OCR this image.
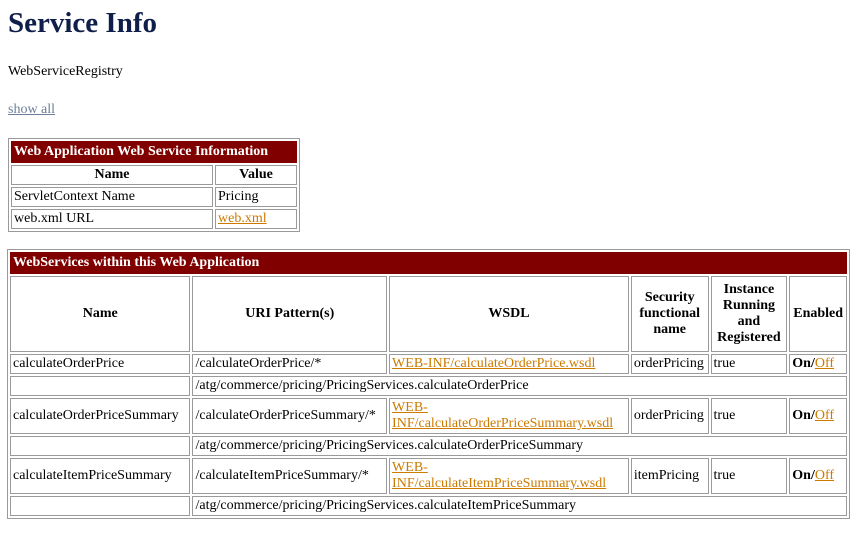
Service Info
WebServiceRegistry
show all
Web Application Web Service Information	
Name	Value
ServletContext Name	Pricing
web.xml URL	web.xml
WebServices within this Web Application					
Name	URI Pattern(s)	WSDL	Security functional name	Instance Running and Registered	Enabled
calculateOrderPrice	/calculateOrderPrice/*	WEB-INF/calculateOrderPrice.wsdl	orderPricing	true	On/Off
	/atg/commerce/pricing/PricingServices.calculateOrderPrice				
calculateOrderPriceSummary	/calculateOrderPriceSummary/*	WEB-INF/calculateOrderPriceSummary.wsdl	orderPricing	true	On/Off
	/atg/commerce/pricing/PricingServices.calculateOrderPriceSummary				
calculateItemPriceSummary	/calculateItemPriceSummary/*	WEB-INF/calculateItemPriceSummary.wsdl	itemPricing	true	On/Off
	/atg/commerce/pricing/PricingServices.calculateItemPriceSummary				
